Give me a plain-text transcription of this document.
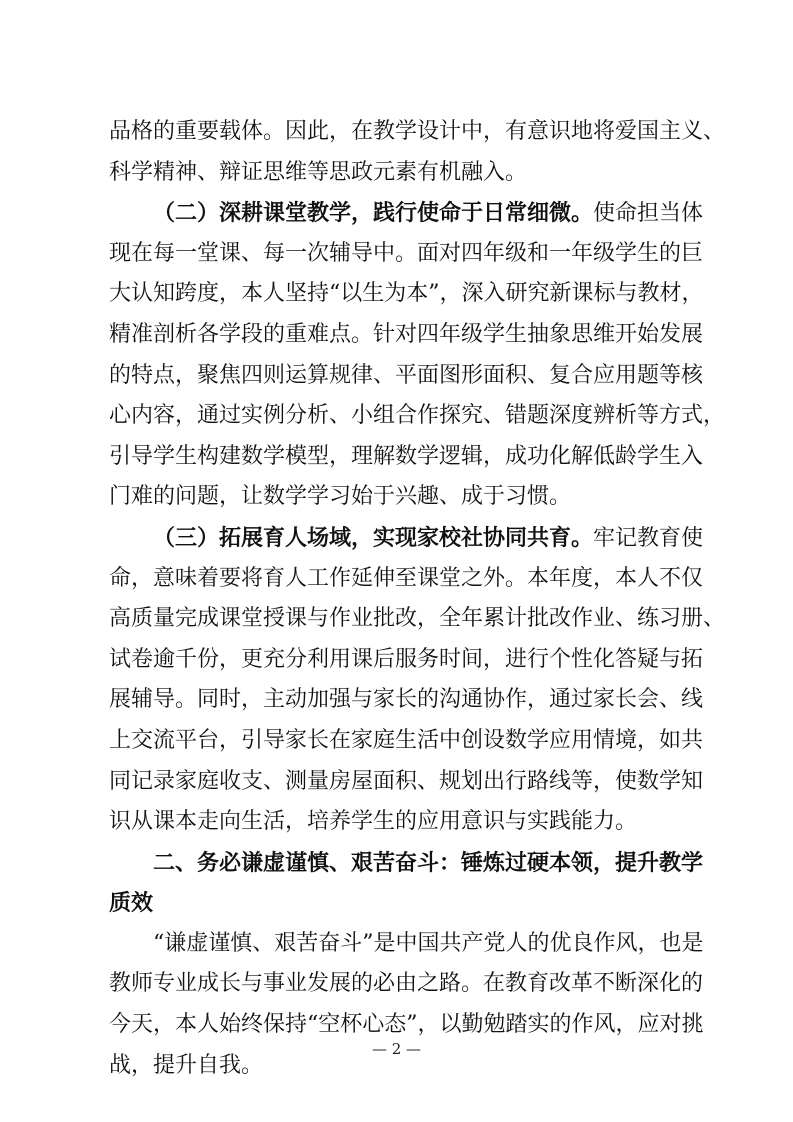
品格的重要载体。因此，在教学设计中，有意识地将爱国主义、
科学精神、辩证思维等思政元素有机融入。
（二）深耕课堂教学，践行使命于日常细微。使命担当体
现在每一堂课、每一次辅导中。面对四年级和一年级学生的巨
大认知跨度，本人坚持“以生为本”，深入研究新课标与教材，
精准剖析各学段的重难点。针对四年级学生抽象思维开始发展
的特点，聚焦四则运算规律、平面图形面积、复合应用题等核
心内容，通过实例分析、小组合作探究、错题深度辨析等方式，
引导学生构建数学模型，理解数学逻辑，成功化解低龄学生入
门难的问题，让数学学习始于兴趣、成于习惯。
（三）拓展育人场域，实现家校社协同共育。牢记教育使
命，意味着要将育人工作延伸至课堂之外。本年度，本人不仅
高质量完成课堂授课与作业批改，全年累计批改作业、练习册、
试卷逾千份，更充分利用课后服务时间，进行个性化答疑与拓
展辅导。同时，主动加强与家长的沟通协作，通过家长会、线
上交流平台，引导家长在家庭生活中创设数学应用情境，如共
同记录家庭收支、测量房屋面积、规划出行路线等，使数学知
识从课本走向生活，培养学生的应用意识与实践能力。
二、务必谦虚谨慎、艰苦奋斗：锤炼过硬本领，提升教学
质效
“谦虚谨慎、艰苦奋斗”是中国共产党人的优良作风，也是
教师专业成长与事业发展的必由之路。在教育改革不断深化的
今天，本人始终保持“空杯心态”，以勤勉踏实的作风，应对挑
战，提升自我。
— 2 —
